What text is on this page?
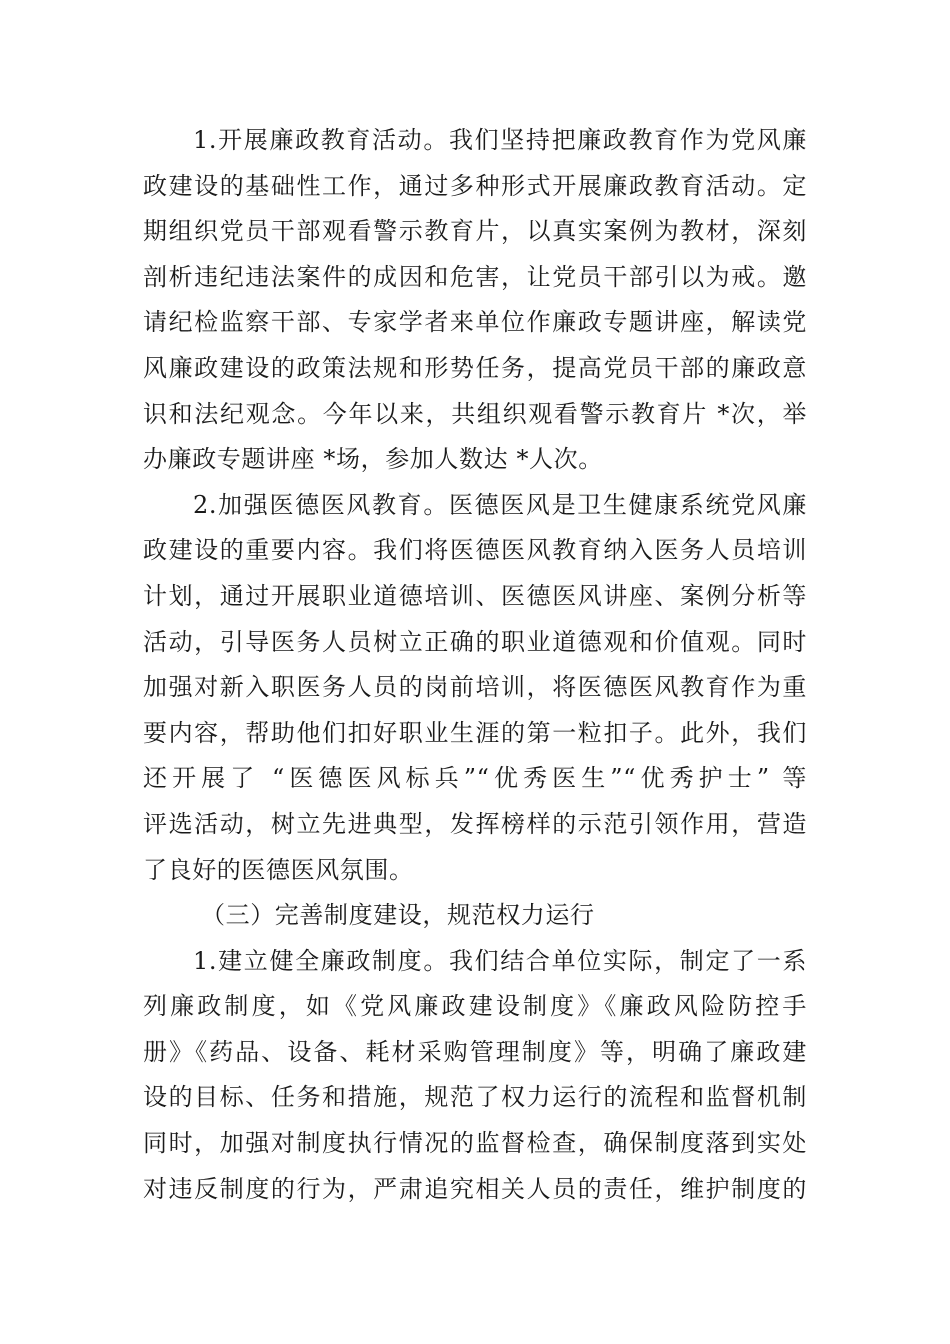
1.开展廉政教育活动。我们坚持把廉政教育作为党风廉
政建设的基础性工作，通过多种形式开展廉政教育活动。定
期组织党员干部观看警示教育片，以真实案例为教材，深刻
剖析违纪违法案件的成因和危害，让党员干部引以为戒。邀
请纪检监察干部、专家学者来单位作廉政专题讲座，解读党
风廉政建设的政策法规和形势任务，提高党员干部的廉政意
识和法纪观念。今年以来，共组织观看警示教育片 *次，举
办廉政专题讲座 *场，参加人数达 *人次。
2.加强医德医风教育。医德医风是卫生健康系统党风廉
政建设的重要内容。我们将医德医风教育纳入医务人员培训
计划，通过开展职业道德培训、医德医风讲座、案例分析等
活动，引导医务人员树立正确的职业道德观和价值观。同时
加强对新入职医务人员的岗前培训，将医德医风教育作为重
要内容，帮助他们扣好职业生涯的第一粒扣子。此外，我们
还开展了 “医德医风标兵”“优秀医生”“优秀护士” 等
评选活动，树立先进典型，发挥榜样的示范引领作用，营造
了良好的医德医风氛围。
（三）完善制度建设，规范权力运行
1.建立健全廉政制度。我们结合单位实际，制定了一系
列廉政制度，如《党风廉政建设制度》《廉政风险防控手
册》《药品、设备、耗材采购管理制度》等，明确了廉政建
设的目标、任务和措施，规范了权力运行的流程和监督机制
同时，加强对制度执行情况的监督检查，确保制度落到实处
对违反制度的行为，严肃追究相关人员的责任，维护制度的
